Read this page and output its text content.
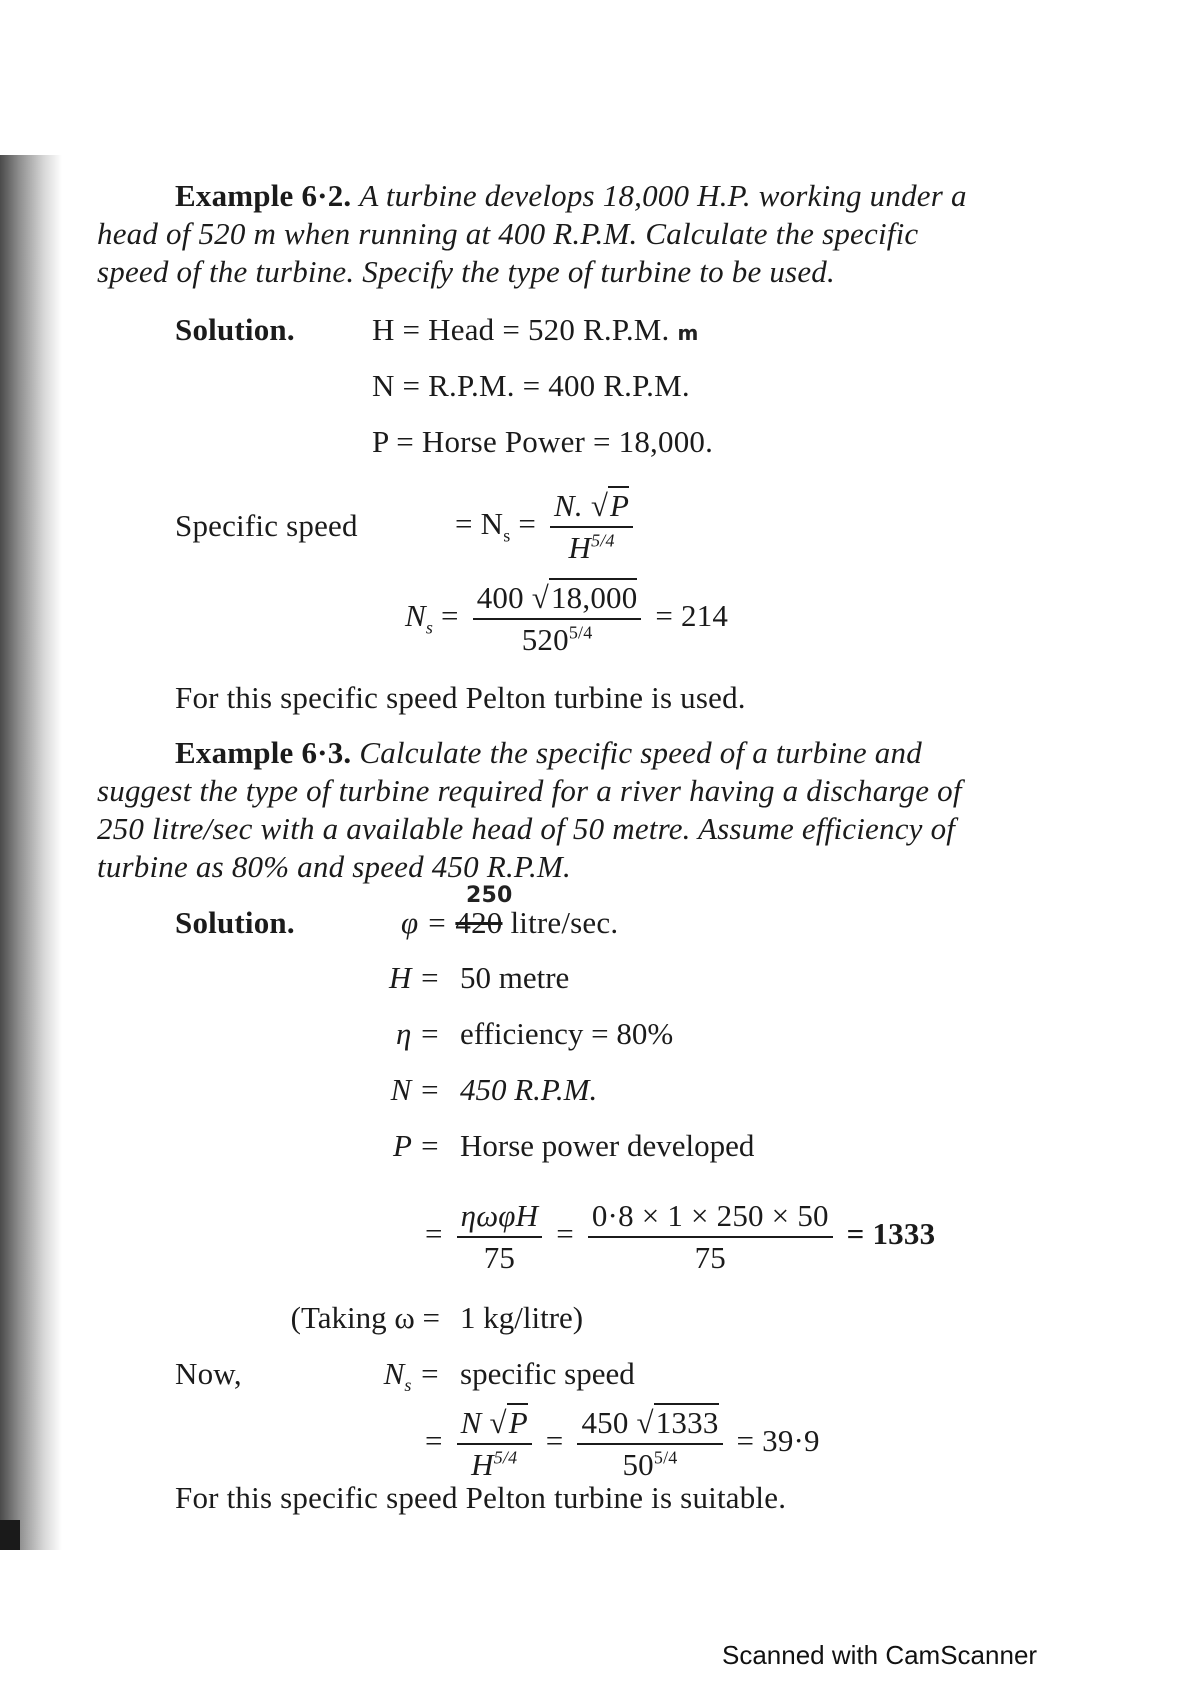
Example 6·2. A turbine develops 18,000 H.P. working under a
head of 520 m when running at 400 R.P.M. Calculate the specific
speed of the turbine. Specify the type of turbine to be used.
Solution. H = Head = 520 R.P.M. m
N = R.P.M. = 400 R.P.M.
P = Horse Power = 18,000.
Specific speed	= $N_s = \frac{N. √P}{H^{5/4}}$
$N_s = \frac{400 √18,000}{520^{5/4}} = 214$
For this specific speed Pelton turbine is used.
Example 6·3. Calculate the specific speed of a turbine and
suggest the type of turbine required for a river having a discharge of
250 litre/sec with a available head of 50 metre. Assume efficiency of
turbine as 80% and speed 450 R.P.M.
Solution.
250
φ = 420 litre/sec.
H = 50 metre
η = efficiency = 80%
N = 450 R.P.M.
P = Horse power developed
= $\frac{\text{ηωφH}}{75} = \frac{0\cdot 8 \times 1 \times 250 \times 50}{75} = 1333$
(Taking ω = 1 kg/litre)
Now,	$N_s$ = specific speed
= $\frac{N √P}{H^{5/4}} = \frac{450 √1333}{50^{5/4}} = 39\cdot 9$
For this specific speed Pelton turbine is suitable.
Scanned with CamScanner
